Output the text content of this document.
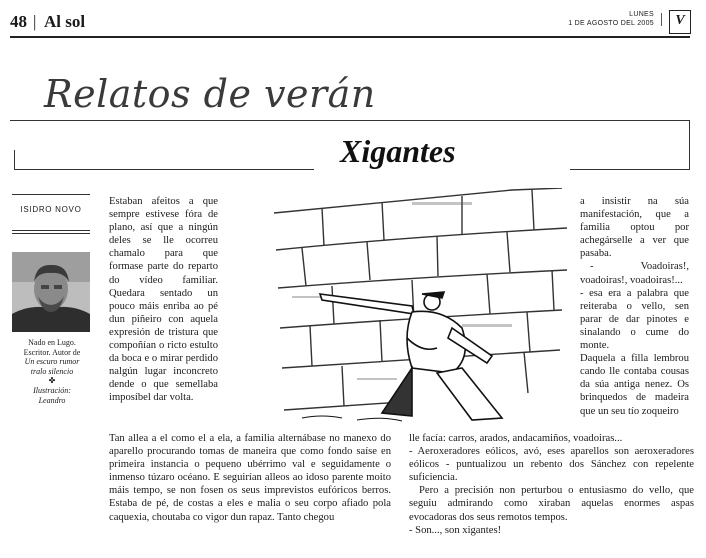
48 | Al sol	LUNES
1 DE AGOSTO DEL 2005 | V
Relatos de verán
Xigantes
ISIDRO NOVO
Nado en Lugo.
Escritor. Autor de
Un escuro rumor
tralo silencio
✤
Ilustración:
Leandro

Estaban afeitos a que sempre estivese fóra de plano, así que a ningún deles se lle ocorreu chamalo para que formase parte do reparto do vídeo familiar. Quedara sentado un pouco máis enriba ao pé dun piñeiro con aquela expresión de tristura que compoñían o ricto estulto da boca e o mirar perdido nalgún lugar inconcreto dende o que semellaba imposíbel dar volta.

a insistir na súa manifestación, que a familia optou por achegárselle a ver que pasaba.

- Voadoiras!, voadoiras!, voadoiras!...

- esa era a palabra que reiteraba o vello, sen parar de dar pinotes e sinalando o cume do monte.

Daquela a filla lembrou cando lle contaba cousas da súa antiga nenez. Os brinquedos de madeira que un seu tío zoqueiro

Tan allea a el como el a ela, a familia alternábase no manexo do aparello procurando tomas de maneira que como fondo saíse en primeira instancia o pequeno ubérrimo val e seguidamente o inmenso túzaro océano. E seguirían alleos ao idoso parente moito máis tempo, se non fosen os seus imprevistos eufóricos berros. Estaba de pé, de costas a eles e malia o seu corpo afiado pola caquexia, choutaba co vigor dun rapaz. Tanto chegou

lle facía: carros, arados, andacamiños, voadoiras...

- Aeroxeradores eólicos, avó, eses aparellos son aeroxeradores eólicos - puntualizou un rebento dos Sánchez con repelente suficiencia.

Pero a precisión non perturbou o entusiasmo do vello, que seguiu admirando como xiraban aquelas enormes aspas evocadoras dos seus remotos tempos.

- Son..., son xigantes!
